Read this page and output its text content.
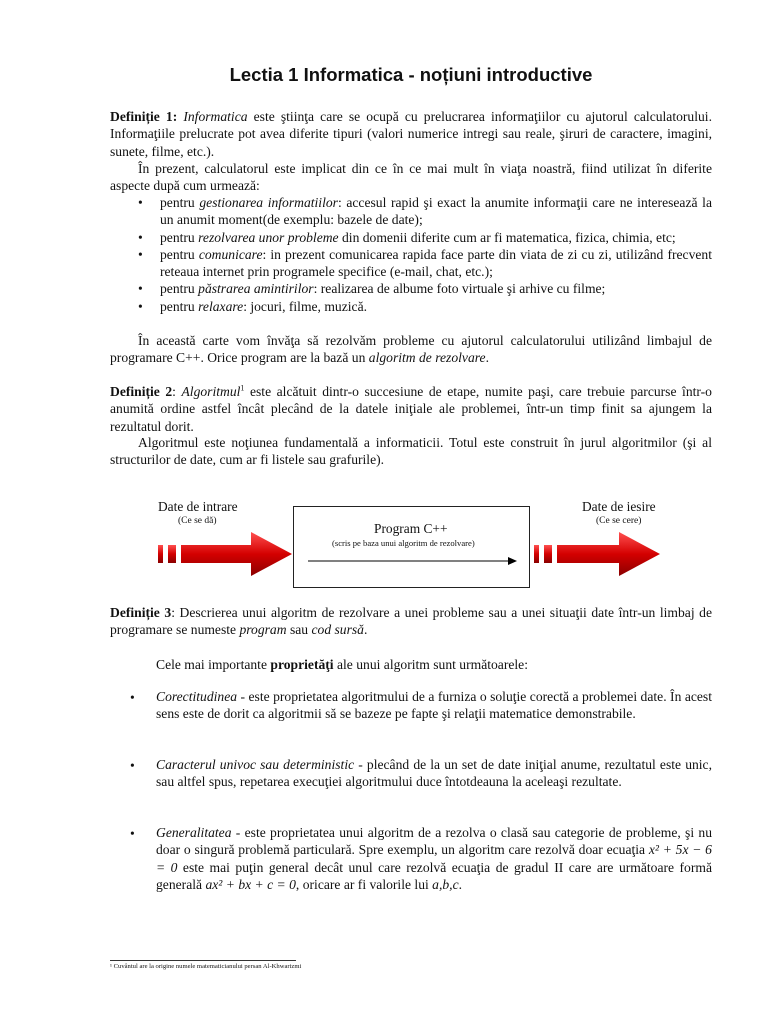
Lectia 1 Informatica - noțiuni introductive

Definiție 1: Informatica este ştiinţa care se ocupă cu prelucrarea informaţiilor cu ajutorul calculatorului. Informaţiile prelucrate pot avea diferite tipuri (valori numerice intregi sau reale, şiruri de caractere, imagini, sunete, filme, etc.).

În prezent, calculatorul este implicat din ce în ce mai mult în viaţa noastră, fiind utilizat în diferite aspecte după cum urmează:

• pentru gestionarea informatiilor: accesul rapid şi exact la anumite informaţii care ne interesează la un anumit moment(de exemplu: bazele de date);
• pentru rezolvarea unor probleme din domenii diferite cum ar fi matematica, fizica, chimia, etc;
• pentru comunicare: in prezent comunicarea rapida face parte din viata de zi cu zi, utilizând frecvent reteaua internet prin programele specifice (e-mail, chat, etc.);
• pentru păstrarea amintirilor: realizarea de albume foto virtuale şi arhive cu filme;
• pentru relaxare: jocuri, filme, muzică.

În această carte vom învăţa să rezolvăm probleme cu ajutorul calculatorului utilizând limbajul de programare C++. Orice program are la bază un algoritm de rezolvare.

Definiție 2: Algoritmul$^1$ este alcătuit dintr-o succesiune de etape, numite paşi, care trebuie parcurse într-o anumită ordine astfel încât plecând de la datele iniţiale ale problemei, într-un timp finit sa ajungem la rezultatul dorit.

Algoritmul este noţiunea fundamentală a informaticii. Totul este construit în jurul algoritmilor (şi al structurilor de date, cum ar fi listele sau grafurile).

Date de intrare
(Ce se dă)
Date de iesire
(Ce se cere)
Program C++
(scris pe baza unui algoritm de rezolvare)

Definiție 3: Descrierea unui algoritm de rezolvare a unei probleme sau a unei situaţii date într-un limbaj de programare se numeste program sau cod sursă.

Cele mai importante proprietăţi ale unui algoritm sunt următoarele:

• Corectitudinea - este proprietatea algoritmului de a furniza o soluţie corectă a problemei date. În acest sens este de dorit ca algoritmii să se bazeze pe fapte şi relaţii matematice demonstrabile.
• Caracterul univoc sau deterministic - plecând de la un set de date iniţial anume, rezultatul este unic, sau altfel spus, repetarea execuţiei algoritmului duce întotdeauna la aceleaşi rezultate.
• Generalitatea - este proprietatea unui algoritm de a rezolva o clasă sau categorie de probleme, şi nu doar o singură problemă particulară. Spre exemplu, un algoritm care rezolvă doar ecuaţia x² + 5x − 6 = 0 este mai puţin general decât unul care rezolvă ecuaţia de gradul II care are următoare formă generală ax² + bx + c = 0, oricare ar fi valorile lui a,b,c.
¹ Cuvântul are la origine numele matematicianului persan Al-Khwarizmi
